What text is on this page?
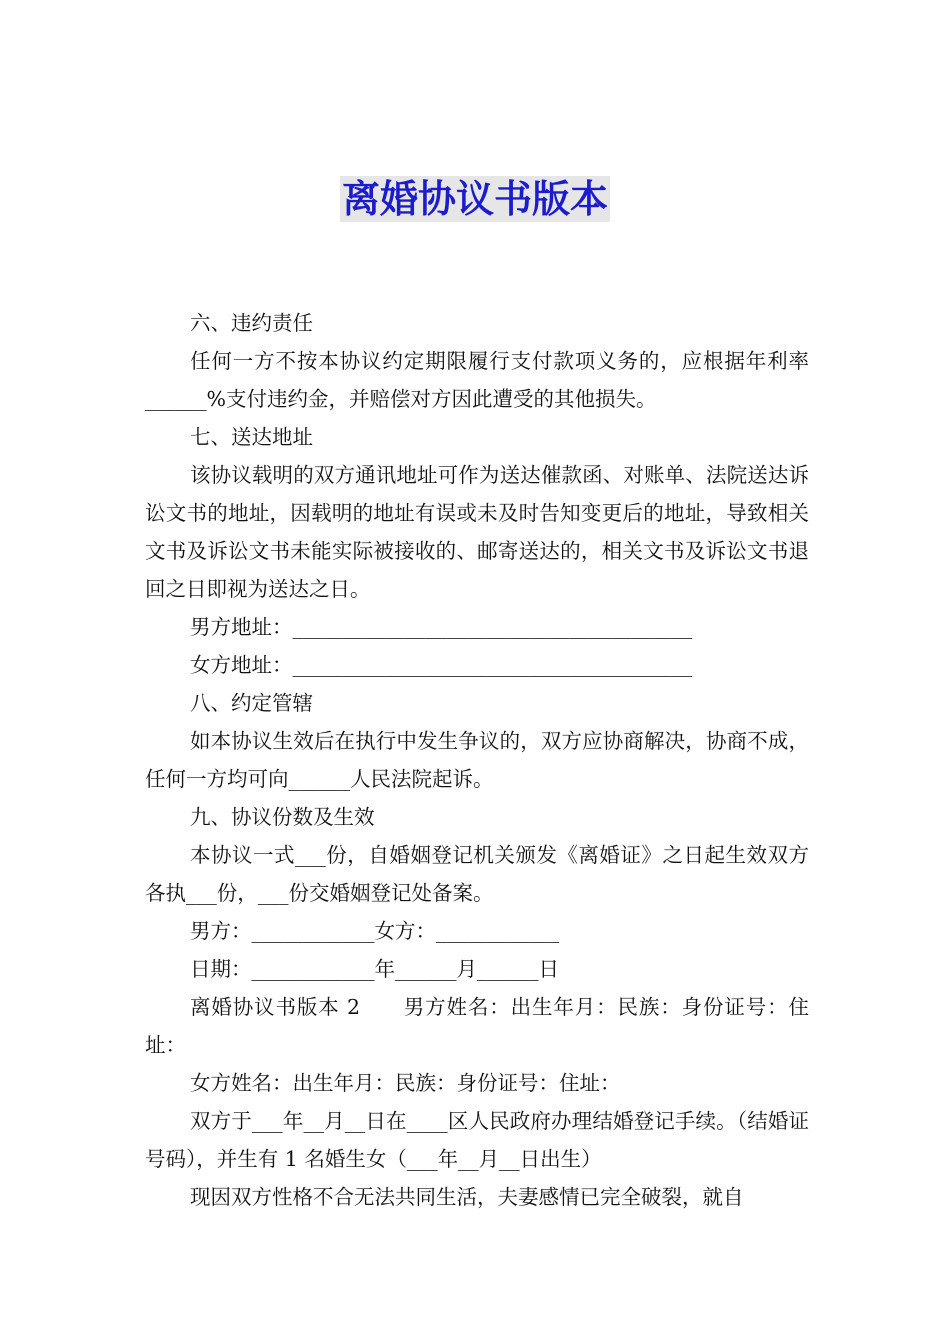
离婚协议书版本

六、违约责任

任何一方不按本协议约定期限履行支付款项义务的，应根据年利率______%支付违约金，并赔偿对方因此遭受的其他损失。

七、送达地址

该协议载明的双方通讯地址可作为送达催款函、对账单、法院送达诉讼文书的地址，因载明的地址有误或未及时告知变更后的地址，导致相关文书及诉讼文书未能实际被接收的、邮寄送达的，相关文书及诉讼文书退回之日即视为送达之日。

男方地址：_______________________________________

女方地址：_______________________________________

八、约定管辖

如本协议生效后在执行中发生争议的，双方应协商解决，协商不成，任何一方均可向______人民法院起诉。

九、协议份数及生效

本协议一式___份，自婚姻登记机关颁发《离婚证》之日起生效双方各执___份，___份交婚姻登记处备案。

男方：____________女方：____________

日期：____________年______月______日

离婚协议书版本 2　　男方姓名：出生年月：民族：身份证号：住址：

女方姓名：出生年月：民族：身份证号：住址：

双方于___年__月__日在____区人民政府办理结婚登记手续。（结婚证号码），并生有 1 名婚生女（___年__月__日出生）

现因双方性格不合无法共同生活，夫妻感情已完全破裂，就自
